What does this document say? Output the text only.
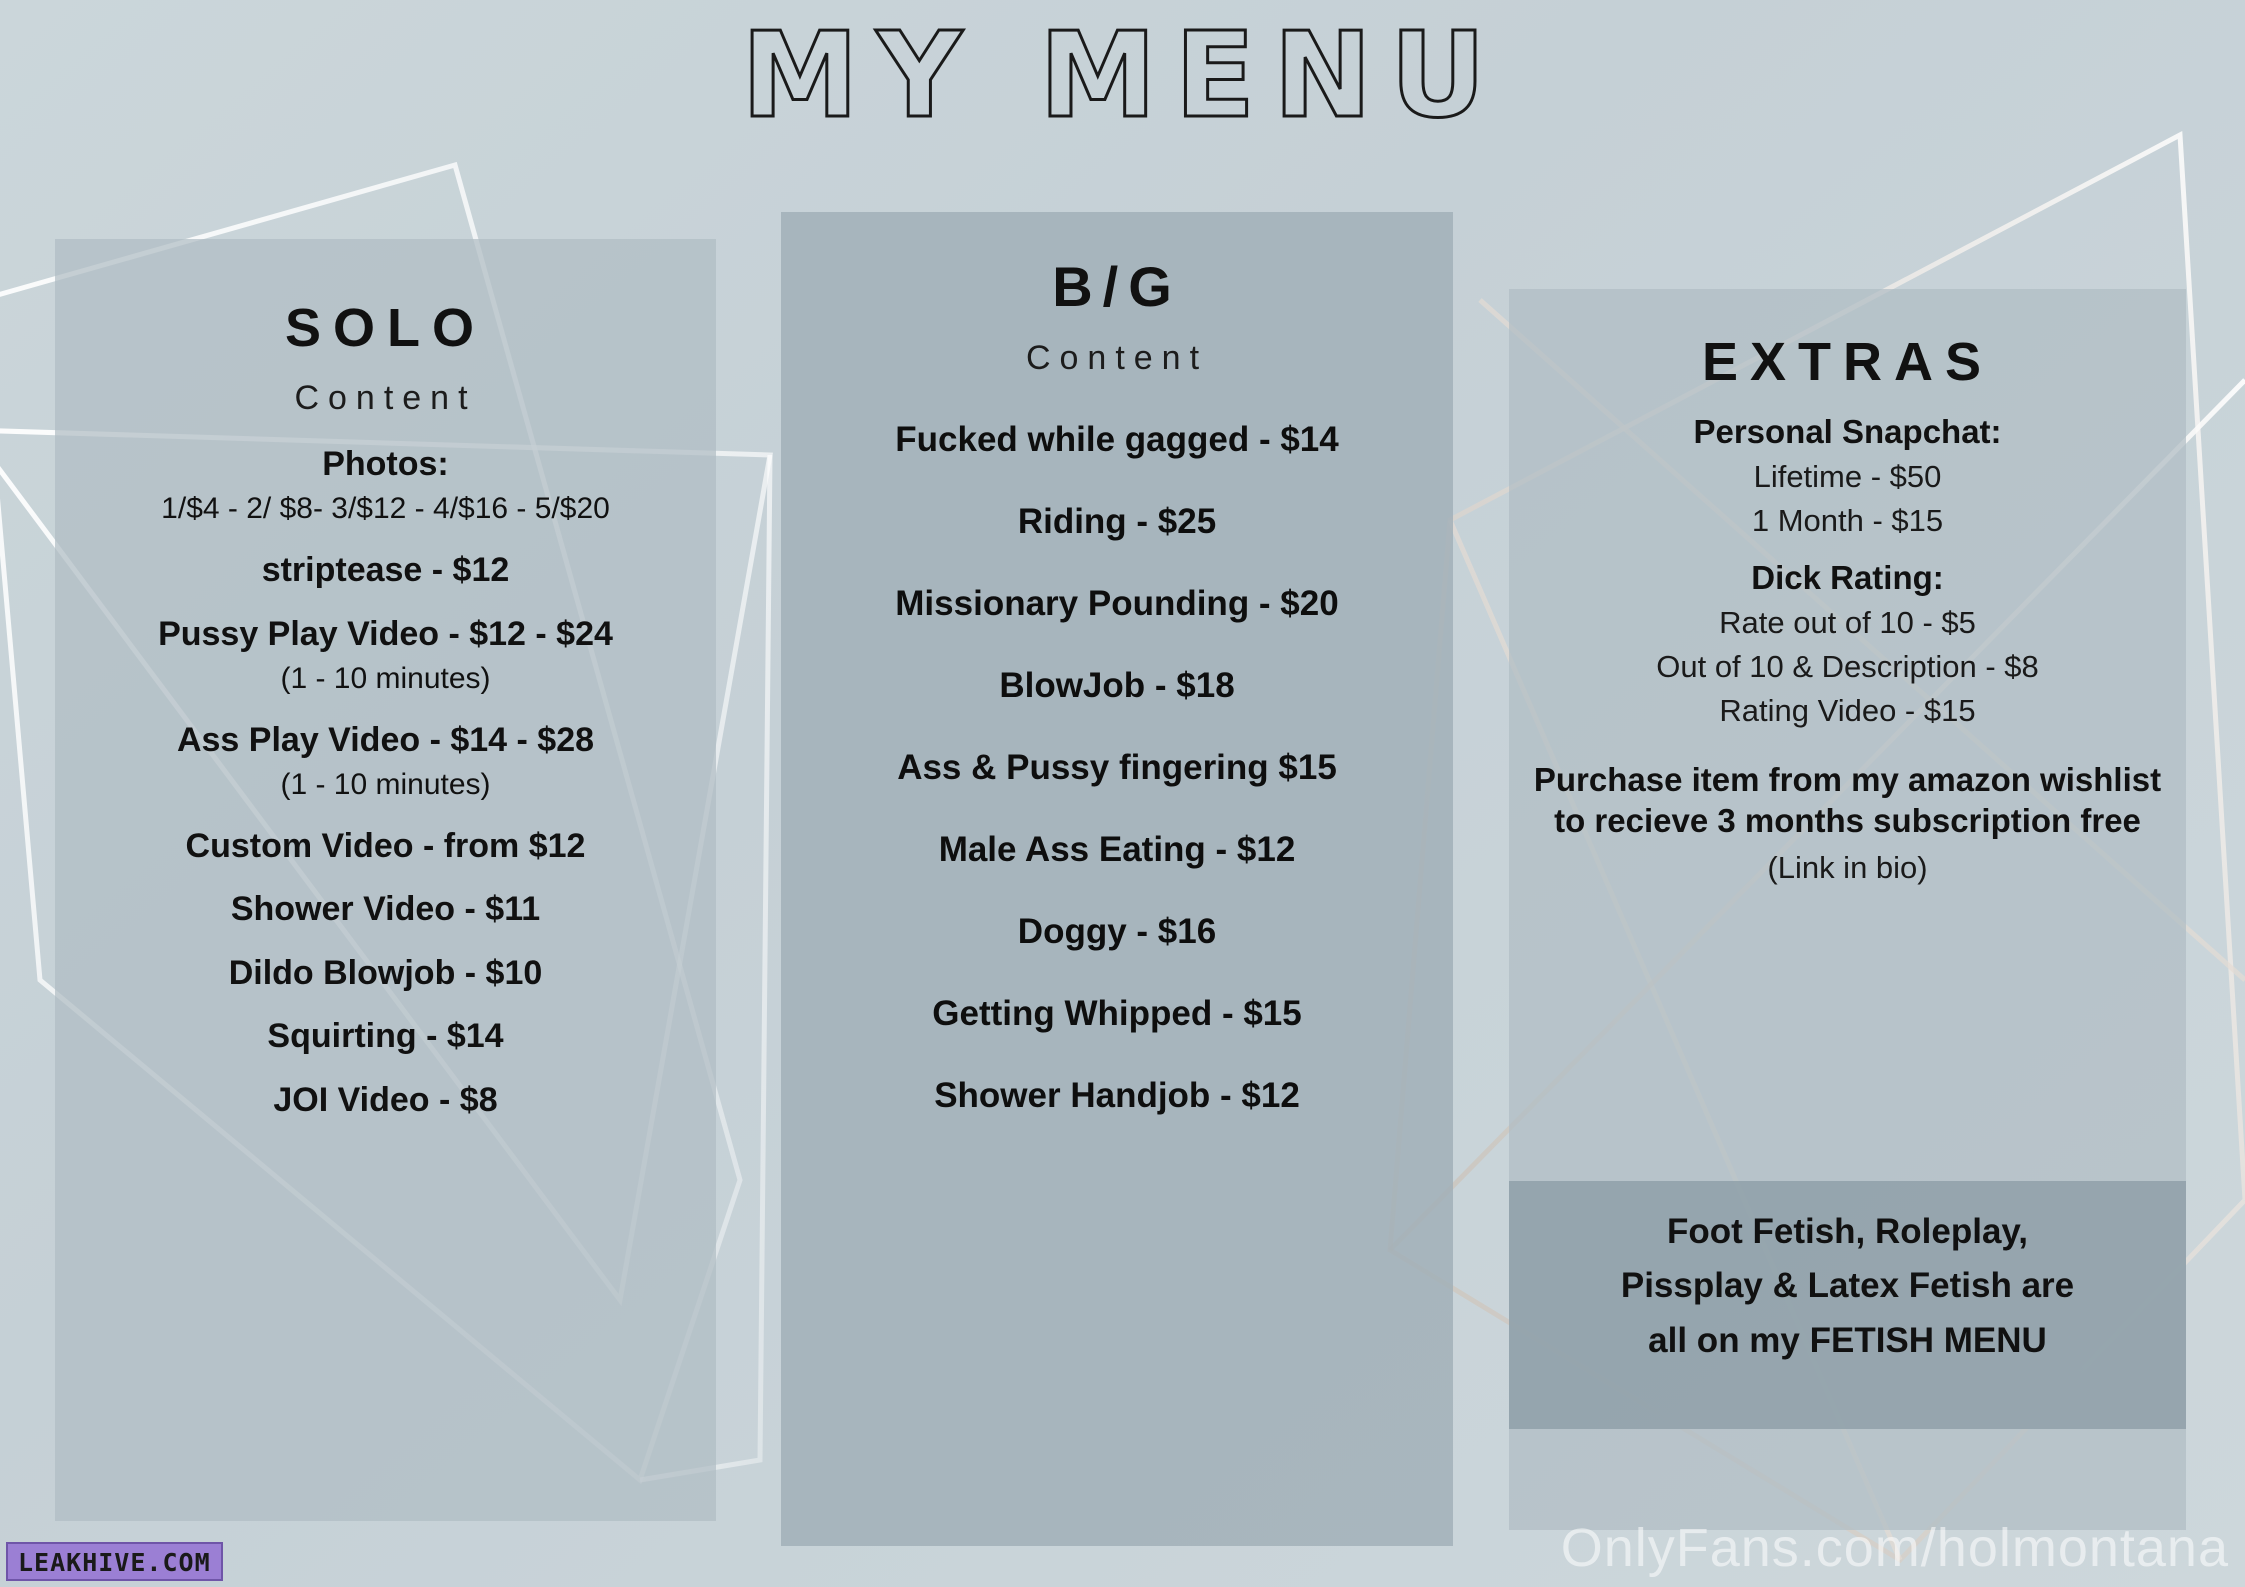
MY MENU
SOLO
Content
Photos:
1/$4 - 2/ $8- 3/$12 - 4/$16 - 5/$20
striptease - $12
Pussy Play Video - $12 - $24
(1 - 10 minutes)
Ass Play Video - $14 - $28
(1 - 10 minutes)
Custom Video - from $12
Shower Video - $11
Dildo Blowjob - $10
Squirting - $14
JOI Video - $8
B/G
Content
Fucked while gagged - $14
Riding - $25
Missionary Pounding - $20
BlowJob - $18
Ass & Pussy fingering $15
Male Ass Eating - $12
Doggy - $16
Getting Whipped - $15
Shower Handjob - $12
EXTRAS
Personal Snapchat:
Lifetime - $50
1 Month - $15
Dick Rating:
Rate out of 10 - $5
Out of 10 & Description - $8
Rating Video - $15
Purchase item from my amazon wishlist to recieve 3 months subscription free
(Link in bio)
Foot Fetish, Roleplay,
Pissplay & Latex Fetish are
all on my FETISH MENU
OnlyFans.com/holmontana
LEAKHIVE.COM
